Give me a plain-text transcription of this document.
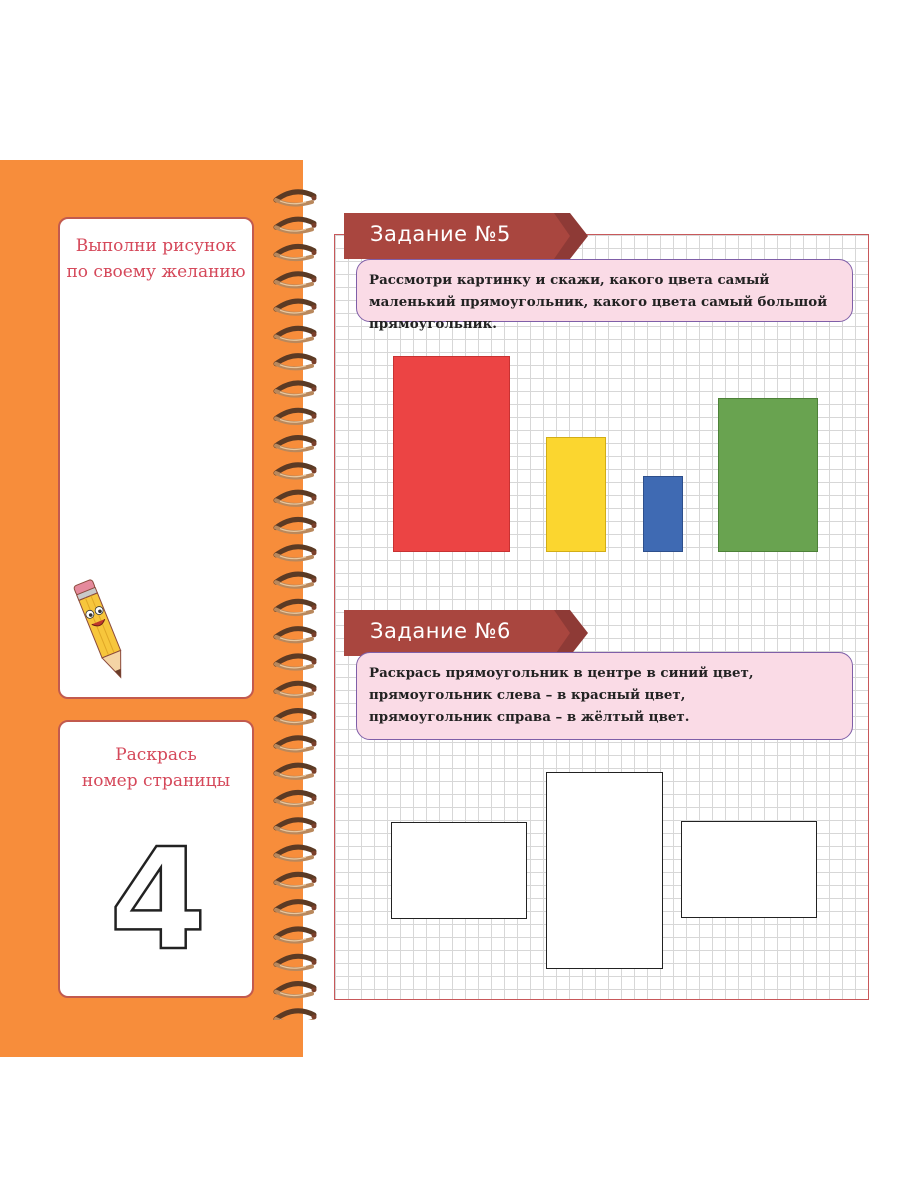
Выполни рисунок
по своему желанию
Раскрась
номер страницы
4
Задание №5
Рассмотри картинку и скажи, какого цвета самый маленький прямоугольник, какого цвета самый большой прямоугольник.
Задание №6
Раскрась прямоугольник в центре в синий цвет,
прямоугольник слева – в красный цвет,
прямоугольник справа – в жёлтый цвет.
